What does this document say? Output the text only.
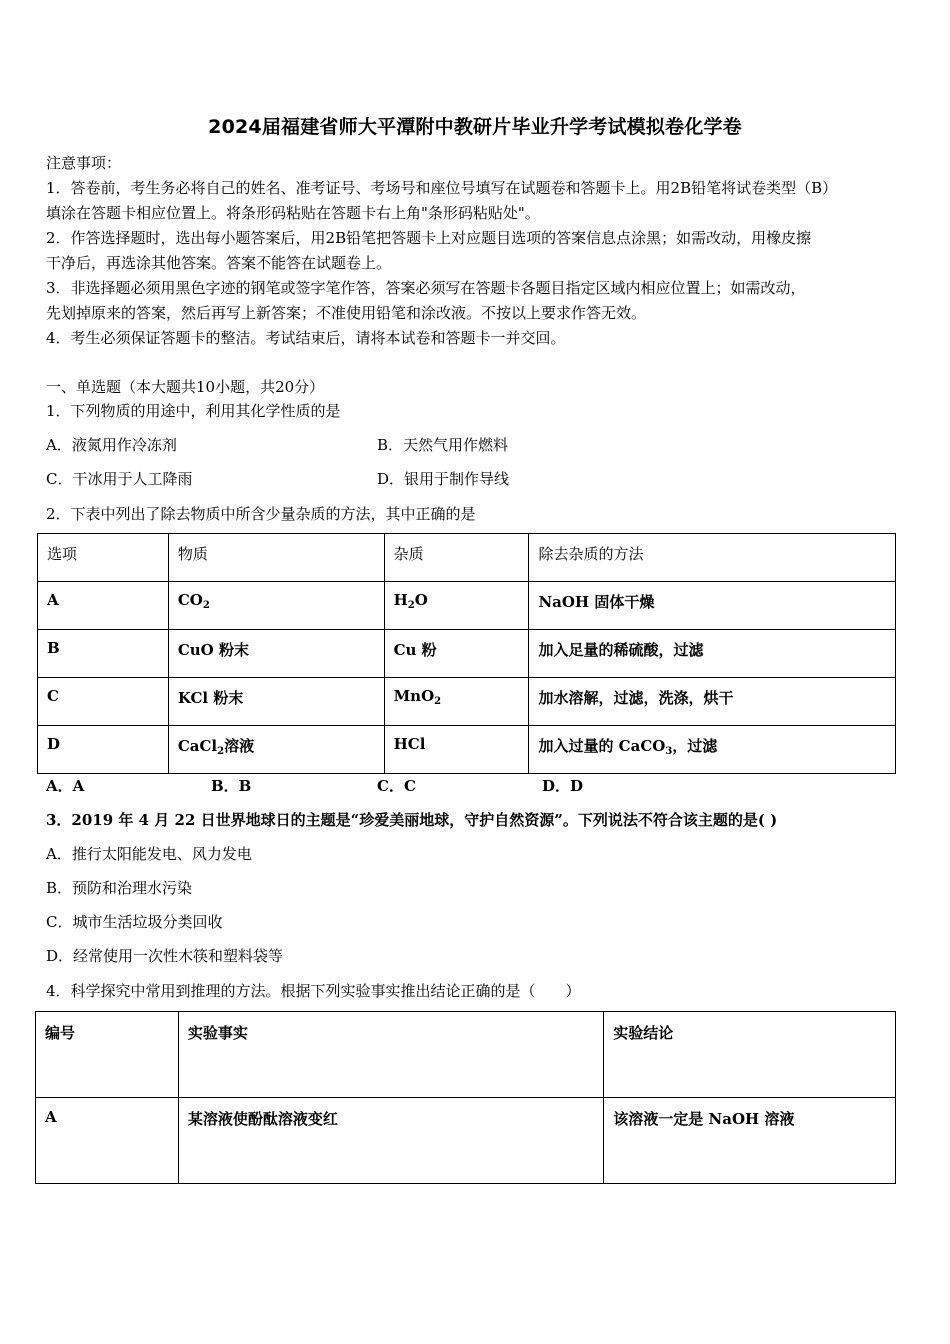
2024届福建省师大平潭附中教研片毕业升学考试模拟卷化学卷
注意事项：
1．答卷前，考生务必将自己的姓名、准考证号、考场号和座位号填写在试题卷和答题卡上。用2B铅笔将试卷类型（B）
填涂在答题卡相应位置上。将条形码粘贴在答题卡右上角"条形码粘贴处"。
2．作答选择题时，选出每小题答案后，用2B铅笔把答题卡上对应题目选项的答案信息点涂黑；如需改动，用橡皮擦
干净后，再选涂其他答案。答案不能答在试题卷上。
3．非选择题必须用黑色字迹的钢笔或签字笔作答，答案必须写在答题卡各题目指定区域内相应位置上；如需改动，
先划掉原来的答案，然后再写上新答案；不准使用铅笔和涂改液。不按以上要求作答无效。
4．考生必须保证答题卡的整洁。考试结束后，请将本试卷和答题卡一并交回。
一、单选题（本大题共10小题，共20分）
1．下列物质的用途中，利用其化学性质的是
A．液氮用作冷冻剂	B．天然气用作燃料
C．干冰用于人工降雨	D．银用于制作导线
2．下表中列出了除去物质中所含少量杂质的方法，其中正确的是
选项	物质	杂质	除去杂质的方法
A	$CO_2$	$H_2O$	NaOH 固体干燥
B	CuO 粉末	Cu 粉	加入足量的稀硫酸，过滤
C	KCl 粉末	MnO$_2$	加水溶解，过滤，洗涤，烘干
D	CaCl$_2$溶液	HCl	加入过量的 CaCO$_3$，过滤
A．A	B．B	C．C	D．D
3．2019 年 4 月 22 日世界地球日的主题是“珍爱美丽地球，守护自然资源”。下列说法不符合该主题的是( )
A．推行太阳能发电、风力发电
B．预防和治理水污染
C．城市生活垃圾分类回收
D．经常使用一次性木筷和塑料袋等
4．科学探究中常用到推理的方法。根据下列实验事实推出结论正确的是（　　）
编号	实验事实	实验结论
A	某溶液使酚酞溶液变红	该溶液一定是 NaOH 溶液
